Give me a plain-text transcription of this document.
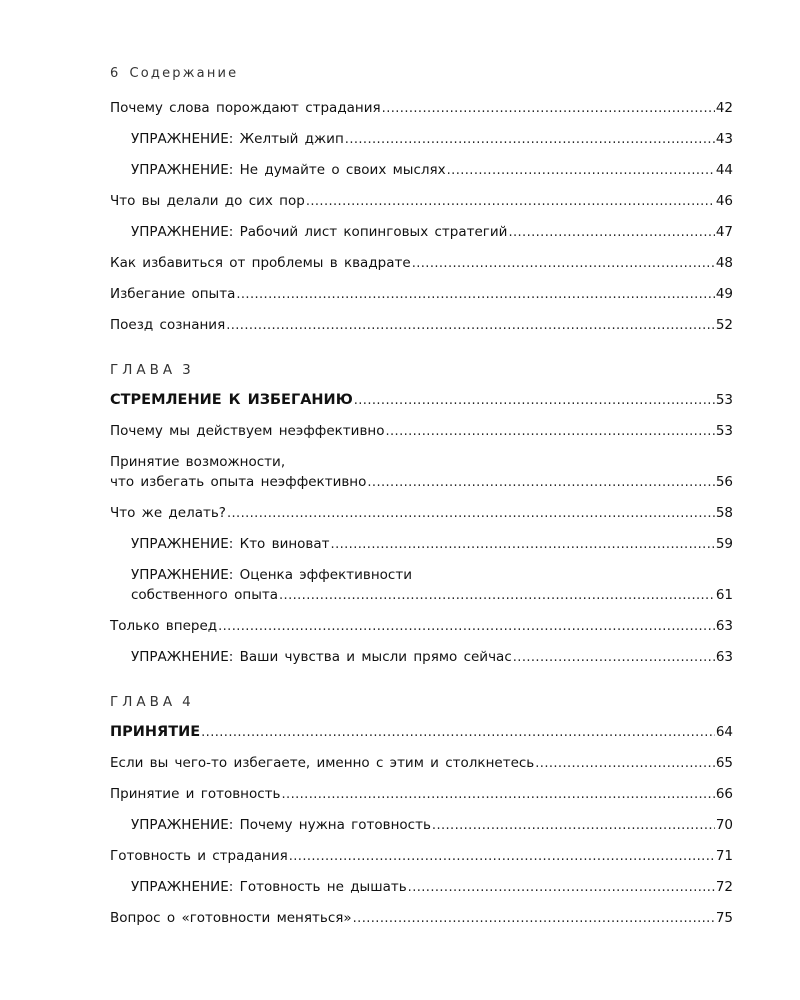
6 Содержание
Почему слова порождают страдания .....	42
УПРАЖНЕНИЕ: Желтый джип .....	43
УПРАЖНЕНИЕ: Не думайте о своих мыслях .....	44
Что вы делали до сих пор .....	46
УПРАЖНЕНИЕ: Рабочий лист копинговых стратегий .....	47
Как избавиться от проблемы в квадрате .....	48
Избегание опыта .....	49
Поезд сознания .....	52
ГЛАВА 3
СТРЕМЛЕНИЕ К ИЗБЕГАНИЮ .....	53
Почему мы действуем неэффективно .....	53
Принятие возможности,
что избегать опыта неэффективно .....	56
Что же делать? .....	58
УПРАЖНЕНИЕ: Кто виноват .....	59
УПРАЖНЕНИЕ: Оценка эффективности
собственного опыта .....	61
Только вперед .....	63
УПРАЖНЕНИЕ: Ваши чувства и мысли прямо сейчас .....	63
ГЛАВА 4
ПРИНЯТИЕ .....	64
Если вы чего-то избегаете, именно с этим и столкнетесь .....	65
Принятие и готовность .....	66
УПРАЖНЕНИЕ: Почему нужна готовность .....	70
Готовность и страдания .....	71
УПРАЖНЕНИЕ: Готовность не дышать .....	72
Вопрос о «готовности меняться» .....	75
